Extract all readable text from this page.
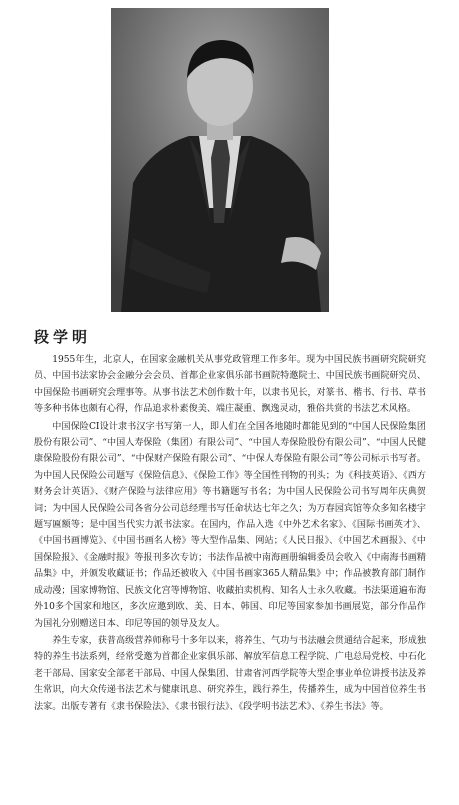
段学明

1955年生，北京人，在国家金融机关从事党政管理工作多年。现为中国民族书画研究院研究员、中国书法家协会金融分会会员、首都企业家俱乐部书画院特邀院士、中国民族书画院研究员、中国保险书画研究会理事等。从事书法艺术创作数十年，以隶书见长，对篆书、楷书、行书、草书等多种书体也颇有心得，作品追求朴素俊美、端庄凝重、飘逸灵动，雅俗共赏的书法艺术风格。

中国保险CI设计隶书汉字书写第一人，即人们在全国各地随时都能见到的“中国人民保险集团股份有限公司”、“中国人寿保险（集团）有限公司”、“中国人寿保险股份有限公司”、“中国人民健康保险股份有限公司”、“中保财产保险有限公司”、“中保人寿保险有限公司”等公司标示书写者。为中国人民保险公司题写《保险信息》、《保险工作》等全国性刊物的刊头；为《科技英语》、《西方财务会计英语》、《财产保险与法律应用》等书籍题写书名；为中国人民保险公司书写周年庆典贺词；为中国人民保险公司各省分公司总经理书写任命状达七年之久；为万春园宾馆等众多知名楼宇题写匾额等；是中国当代实力派书法家。在国内，作品入选《中外艺术名家》、《国际书画英才》、《中国书画博览》、《中国书画名人榜》等大型作品集、网站；《人民日报》、《中国艺术画报》、《中国保险报》、《金融时报》等报刊多次专访；书法作品被中南海画册编辑委员会收入《中南海书画精品集》中，并颁发收藏证书；作品还被收入《中国书画家365人精品集》中；作品被教育部门制作成动漫；国家博物馆、民族文化宫等博物馆、收藏拍卖机构、知名人士永久收藏。书法渠道遍布海外10多个国家和地区，多次应邀到欧、美、日本、韩国、印尼等国家参加书画展览，部分作品作为国礼分别赠送日本、印尼等国的领导及友人。

养生专家，获普高级营养师称号十多年以来，将养生、气功与书法融会贯通结合起来，形成独特的养生书法系列，经常受邀为首都企业家俱乐部、解放军信息工程学院、广电总局党校、中石化老干部局、国家安全部老干部局、中国人保集团、甘肃省河西学院等大型企事业单位讲授书法及养生常识，向大众传递书法艺术与健康讯息、研究养生，践行养生，传播养生，成为中国首位养生书法家。出版专著有《隶书保险法》、《隶书银行法》、《段学明书法艺术》、《养生书法》等。
